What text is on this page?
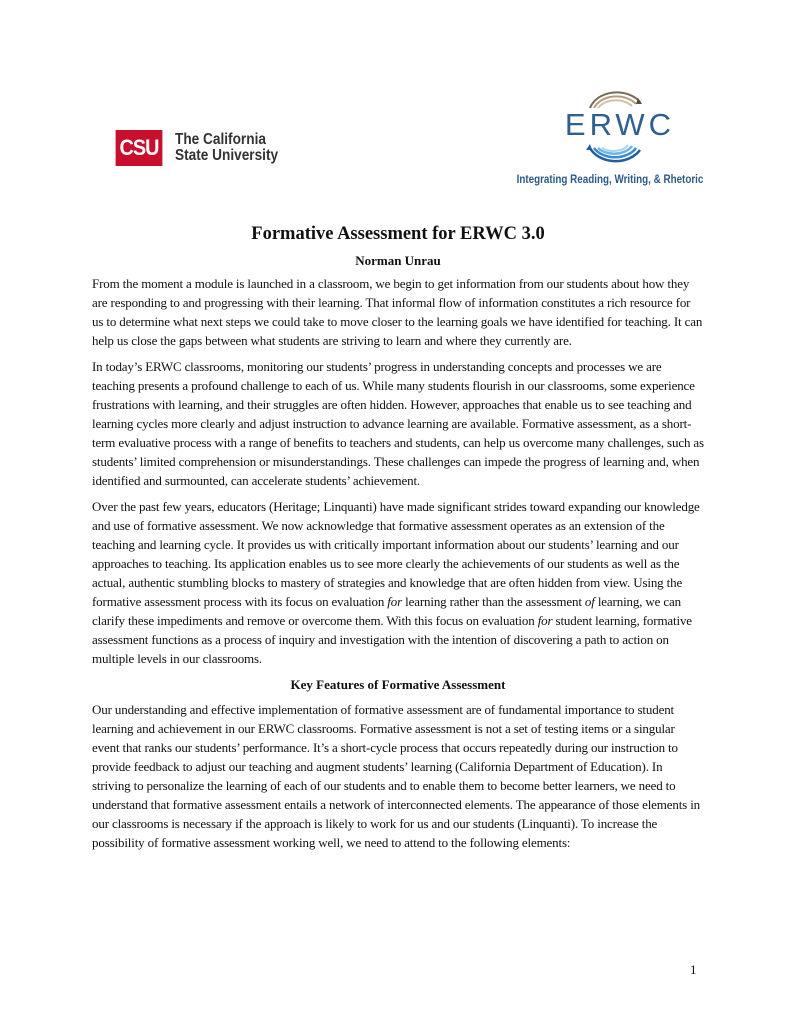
CSU The California
State University
ERWC
Integrating Reading, Writing, & Rhetoric
Formative Assessment for ERWC 3.0
Norman Unrau

From the moment a module is launched in a classroom, we begin to get information from our students about how they are responding to and progressing with their learning. That informal flow of information constitutes a rich resource for us to determine what next steps we could take to move closer to the learning goals we have identified for teaching. It can help us close the gaps between what students are striving to learn and where they currently are.

In today’s ERWC classrooms, monitoring our students’ progress in understanding concepts and processes we are teaching presents a profound challenge to each of us. While many students flourish in our classrooms, some experience frustrations with learning, and their struggles are often hidden. However, approaches that enable us to see teaching and learning cycles more clearly and adjust instruction to advance learning are available. Formative assessment, as a short-term evaluative process with a range of benefits to teachers and students, can help us overcome many challenges, such as students’ limited comprehension or misunderstandings. These challenges can impede the progress of learning and, when identified and surmounted, can accelerate students’ achievement.

Over the past few years, educators (Heritage; Linquanti) have made significant strides toward expanding our knowledge and use of formative assessment. We now acknowledge that formative assessment operates as an extension of the teaching and learning cycle. It provides us with critically important information about our students’ learning and our approaches to teaching. Its application enables us to see more clearly the achievements of our students as well as the actual, authentic stumbling blocks to mastery of strategies and knowledge that are often hidden from view. Using the formative assessment process with its focus on evaluation for learning rather than the assessment of learning, we can clarify these impediments and remove or overcome them. With this focus on evaluation for student learning, formative assessment functions as a process of inquiry and investigation with the intention of discovering a path to action on multiple levels in our classrooms.

Key Features of Formative Assessment

Our understanding and effective implementation of formative assessment are of fundamental importance to student learning and achievement in our ERWC classrooms. Formative assessment is not a set of testing items or a singular event that ranks our students’ performance. It’s a short-cycle process that occurs repeatedly during our instruction to provide feedback to adjust our teaching and augment students’ learning (California Department of Education). In striving to personalize the learning of each of our students and to enable them to become better learners, we need to understand that formative assessment entails a network of interconnected elements. The appearance of those elements in our classrooms is necessary if the approach is likely to work for us and our students (Linquanti). To increase the possibility of formative assessment working well, we need to attend to the following elements:

1
